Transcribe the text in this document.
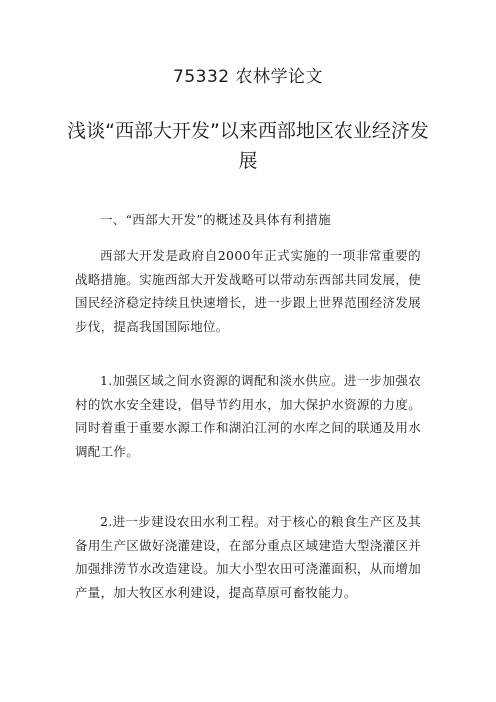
75332 农林学论文
浅谈“西部大开发”以来西部地区农业经济发展
一、“西部大开发”的概述及具体有利措施

西部大开发是政府自2000年正式实施的一项非常重要的战略措施。实施西部大开发战略可以带动东西部共同发展，使国民经济稳定持续且快速增长，进一步跟上世界范围经济发展步伐，提高我国国际地位。

1.加强区域之间水资源的调配和淡水供应。进一步加强农村的饮水安全建设，倡导节约用水，加大保护水资源的力度。同时着重于重要水源工作和湖泊江河的水库之间的联通及用水调配工作。

2.进一步建设农田水利工程。对于核心的粮食生产区及其备用生产区做好浇灌建设，在部分重点区域建造大型浇灌区并加强排涝节水改造建设。加大小型农田可浇灌面积，从而增加产量，加大牧区水利建设，提高草原可畜牧能力。
